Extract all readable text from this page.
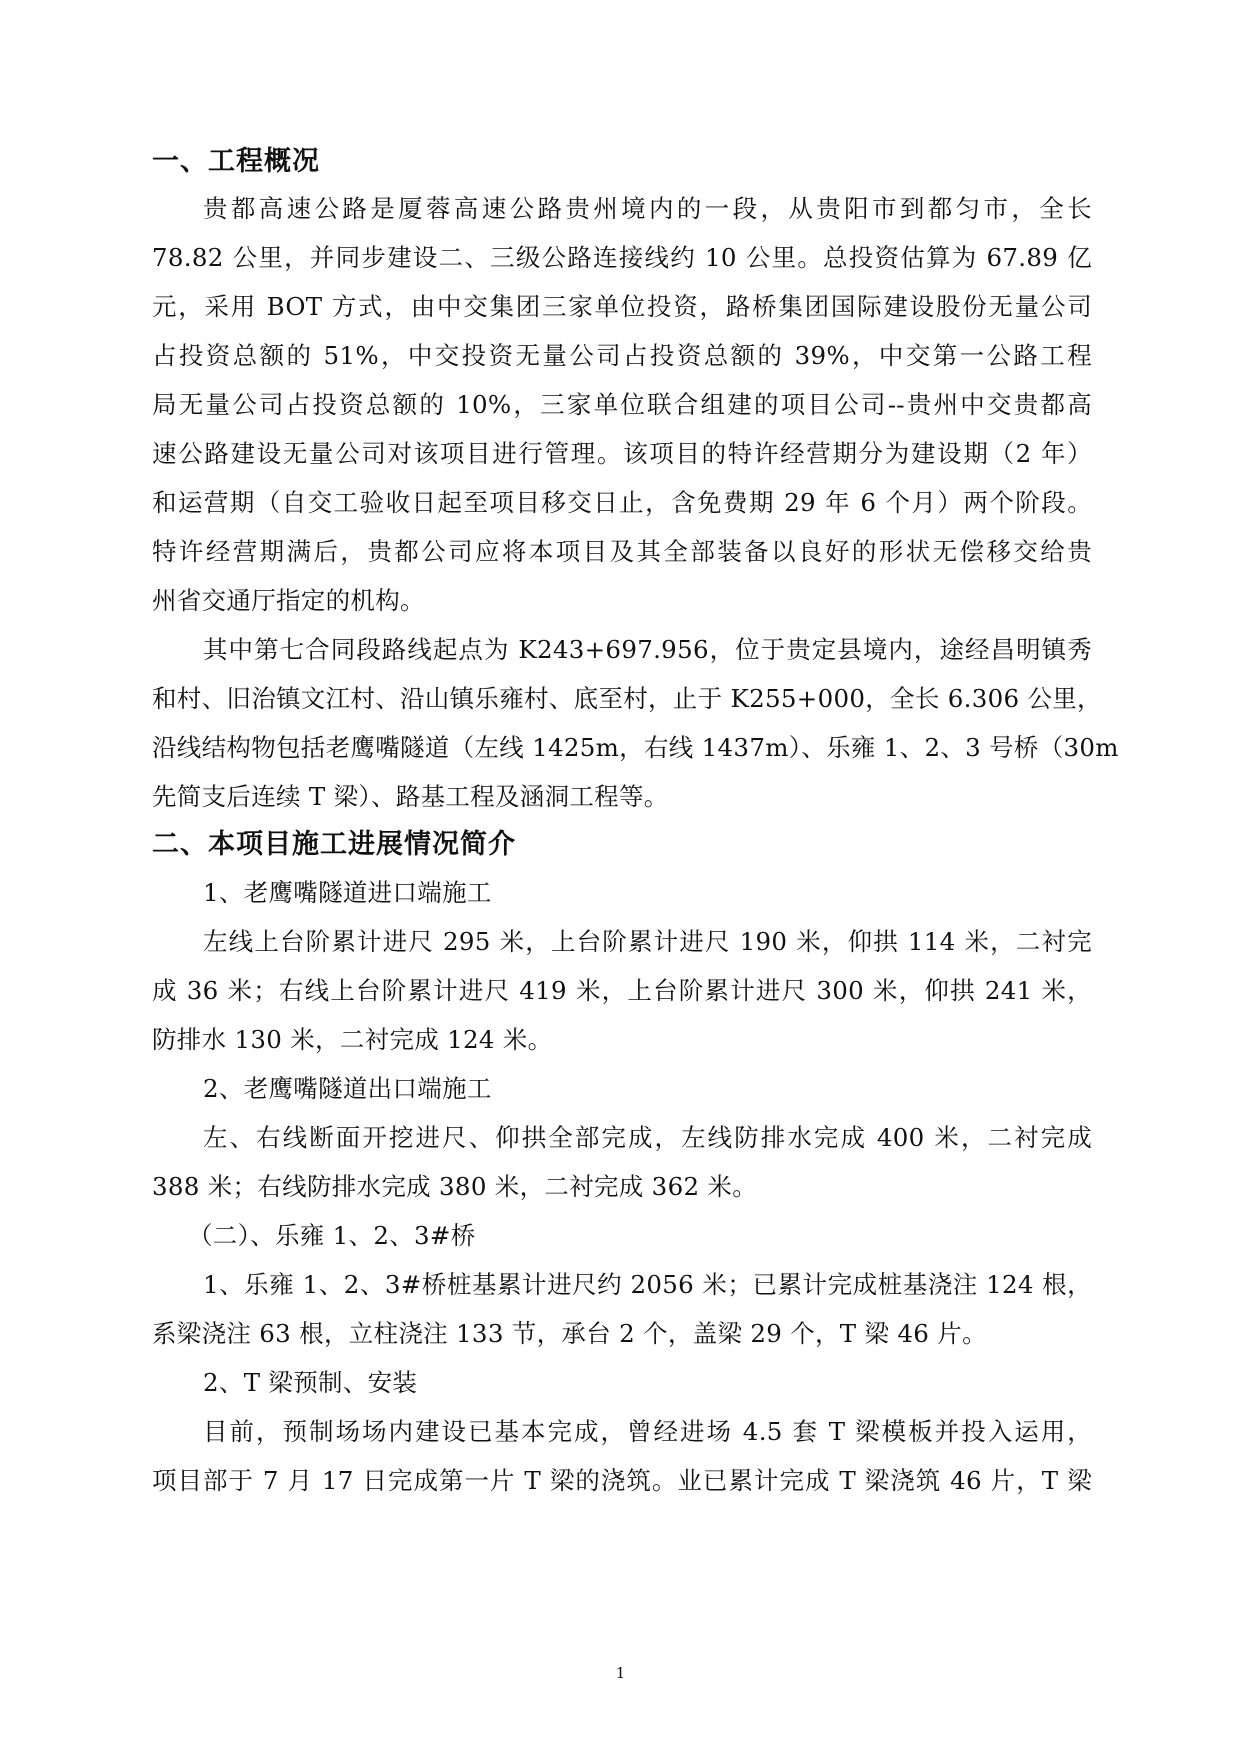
一、工程概况
贵都高速公路是厦蓉高速公路贵州境内的一段，从贵阳市到都匀市，全长
78.82 公里，并同步建设二、三级公路连接线约 10 公里。总投资估算为 67.89 亿
元，采用 BOT 方式，由中交集团三家单位投资，路桥集团国际建设股份无量公司
占投资总额的 51%，中交投资无量公司占投资总额的 39%，中交第一公路工程
局无量公司占投资总额的 10%，三家单位联合组建的项目公司--贵州中交贵都高
速公路建设无量公司对该项目进行管理。该项目的特许经营期分为建设期（2 年）
和运营期（自交工验收日起至项目移交日止，含免费期 29 年 6 个月）两个阶段。
特许经营期满后，贵都公司应将本项目及其全部装备以良好的形状无偿移交给贵
州省交通厅指定的机构。
其中第七合同段路线起点为 K243+697.956，位于贵定县境内，途经昌明镇秀
和村、旧治镇文江村、沿山镇乐雍村、底至村，止于 K255+000，全长 6.306 公里，
沿线结构物包括老鹰嘴隧道（左线 1425m，右线 1437m）、乐雍 1、2、3 号桥（30m
先简支后连续 T 梁）、路基工程及涵洞工程等。
二、本项目施工进展情况简介
1、老鹰嘴隧道进口端施工
左线上台阶累计进尺 295 米，上台阶累计进尺 190 米，仰拱 114 米，二衬完
成 36 米；右线上台阶累计进尺 419 米，上台阶累计进尺 300 米，仰拱 241 米，
防排水 130 米，二衬完成 124 米。
2、老鹰嘴隧道出口端施工
左、右线断面开挖进尺、仰拱全部完成，左线防排水完成 400 米，二衬完成
388 米；右线防排水完成 380 米，二衬完成 362 米。
（二）、乐雍 1、2、3#桥
1、乐雍 1、2、3#桥桩基累计进尺约 2056 米；已累计完成桩基浇注 124 根，
系梁浇注 63 根，立柱浇注 133 节，承台 2 个，盖梁 29 个，T 梁 46 片。
2、T 梁预制、安装
目前，预制场场内建设已基本完成，曾经进场 4.5 套 T 梁模板并投入运用，
项目部于 7 月 17 日完成第一片 T 梁的浇筑。业已累计完成 T 梁浇筑 46 片，T 梁
1
